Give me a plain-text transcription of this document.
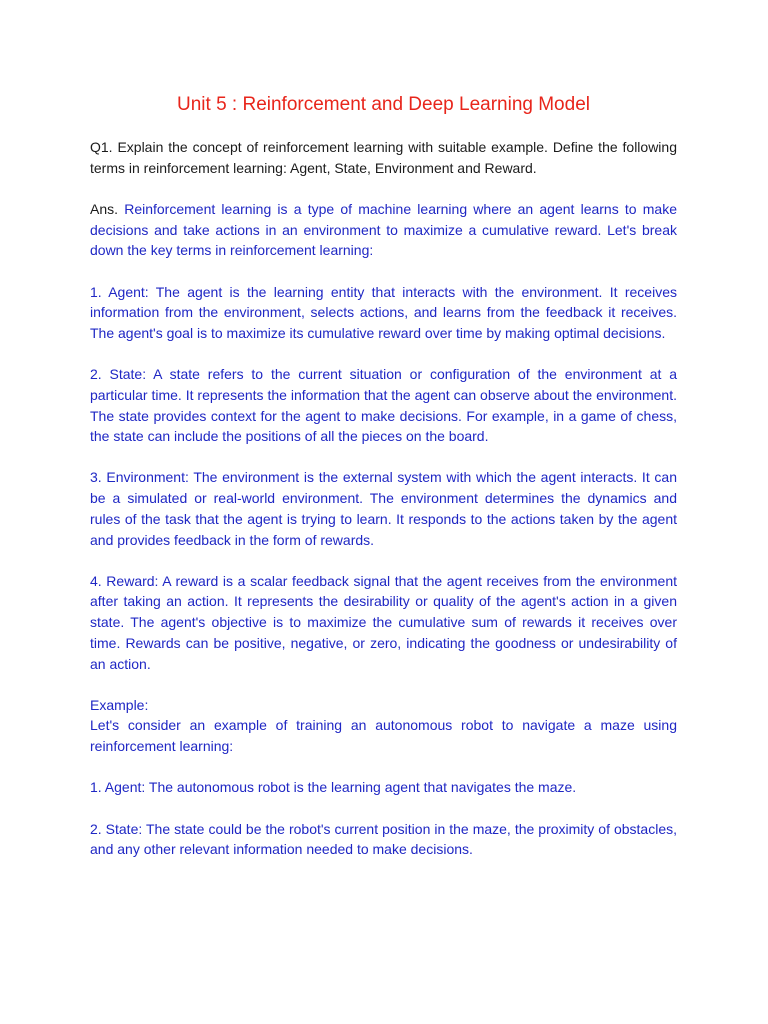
Unit 5 : Reinforcement and Deep Learning Model

Q1. Explain the concept of reinforcement learning with suitable example. Define the following terms in reinforcement learning: Agent, State, Environment and Reward.

Ans. Reinforcement learning is a type of machine learning where an agent learns to make decisions and take actions in an environment to maximize a cumulative reward. Let's break down the key terms in reinforcement learning:

1. Agent: The agent is the learning entity that interacts with the environment. It receives information from the environment, selects actions, and learns from the feedback it receives. The agent's goal is to maximize its cumulative reward over time by making optimal decisions.

2. State: A state refers to the current situation or configuration of the environment at a particular time. It represents the information that the agent can observe about the environment. The state provides context for the agent to make decisions. For example, in a game of chess, the state can include the positions of all the pieces on the board.

3. Environment: The environment is the external system with which the agent interacts. It can be a simulated or real-world environment. The environment determines the dynamics and rules of the task that the agent is trying to learn. It responds to the actions taken by the agent and provides feedback in the form of rewards.

4. Reward: A reward is a scalar feedback signal that the agent receives from the environment after taking an action. It represents the desirability or quality of the agent's action in a given state. The agent's objective is to maximize the cumulative sum of rewards it receives over time. Rewards can be positive, negative, or zero, indicating the goodness or undesirability of an action.

Example:
Let's consider an example of training an autonomous robot to navigate a maze using reinforcement learning:

1. Agent: The autonomous robot is the learning agent that navigates the maze.

2. State: The state could be the robot's current position in the maze, the proximity of obstacles, and any other relevant information needed to make decisions.
